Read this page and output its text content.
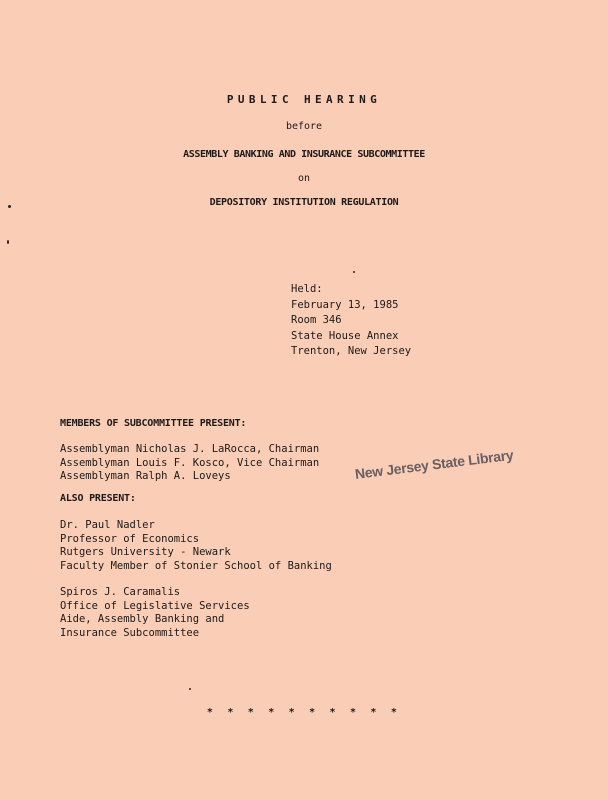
PUBLIC HEARING
before
ASSEMBLY BANKING AND INSURANCE SUBCOMMITTEE
on
DEPOSITORY INSTITUTION REGULATION
Held:
February 13, 1985
Room 346
State House Annex
Trenton, New Jersey
MEMBERS OF SUBCOMMITTEE PRESENT:
Assemblyman Nicholas J. LaRocca, Chairman
Assemblyman Louis F. Kosco, Vice Chairman
Assemblyman Ralph A. Loveys	New Jersey State Library
ALSO PRESENT:
Dr. Paul Nadler
Professor of Economics
Rutgers University - Newark
Faculty Member of Stonier School of Banking
Spiros J. Caramalis
Office of Legislative Services
Aide, Assembly Banking and
Insurance Subcommittee
* * * * * * * * * *
